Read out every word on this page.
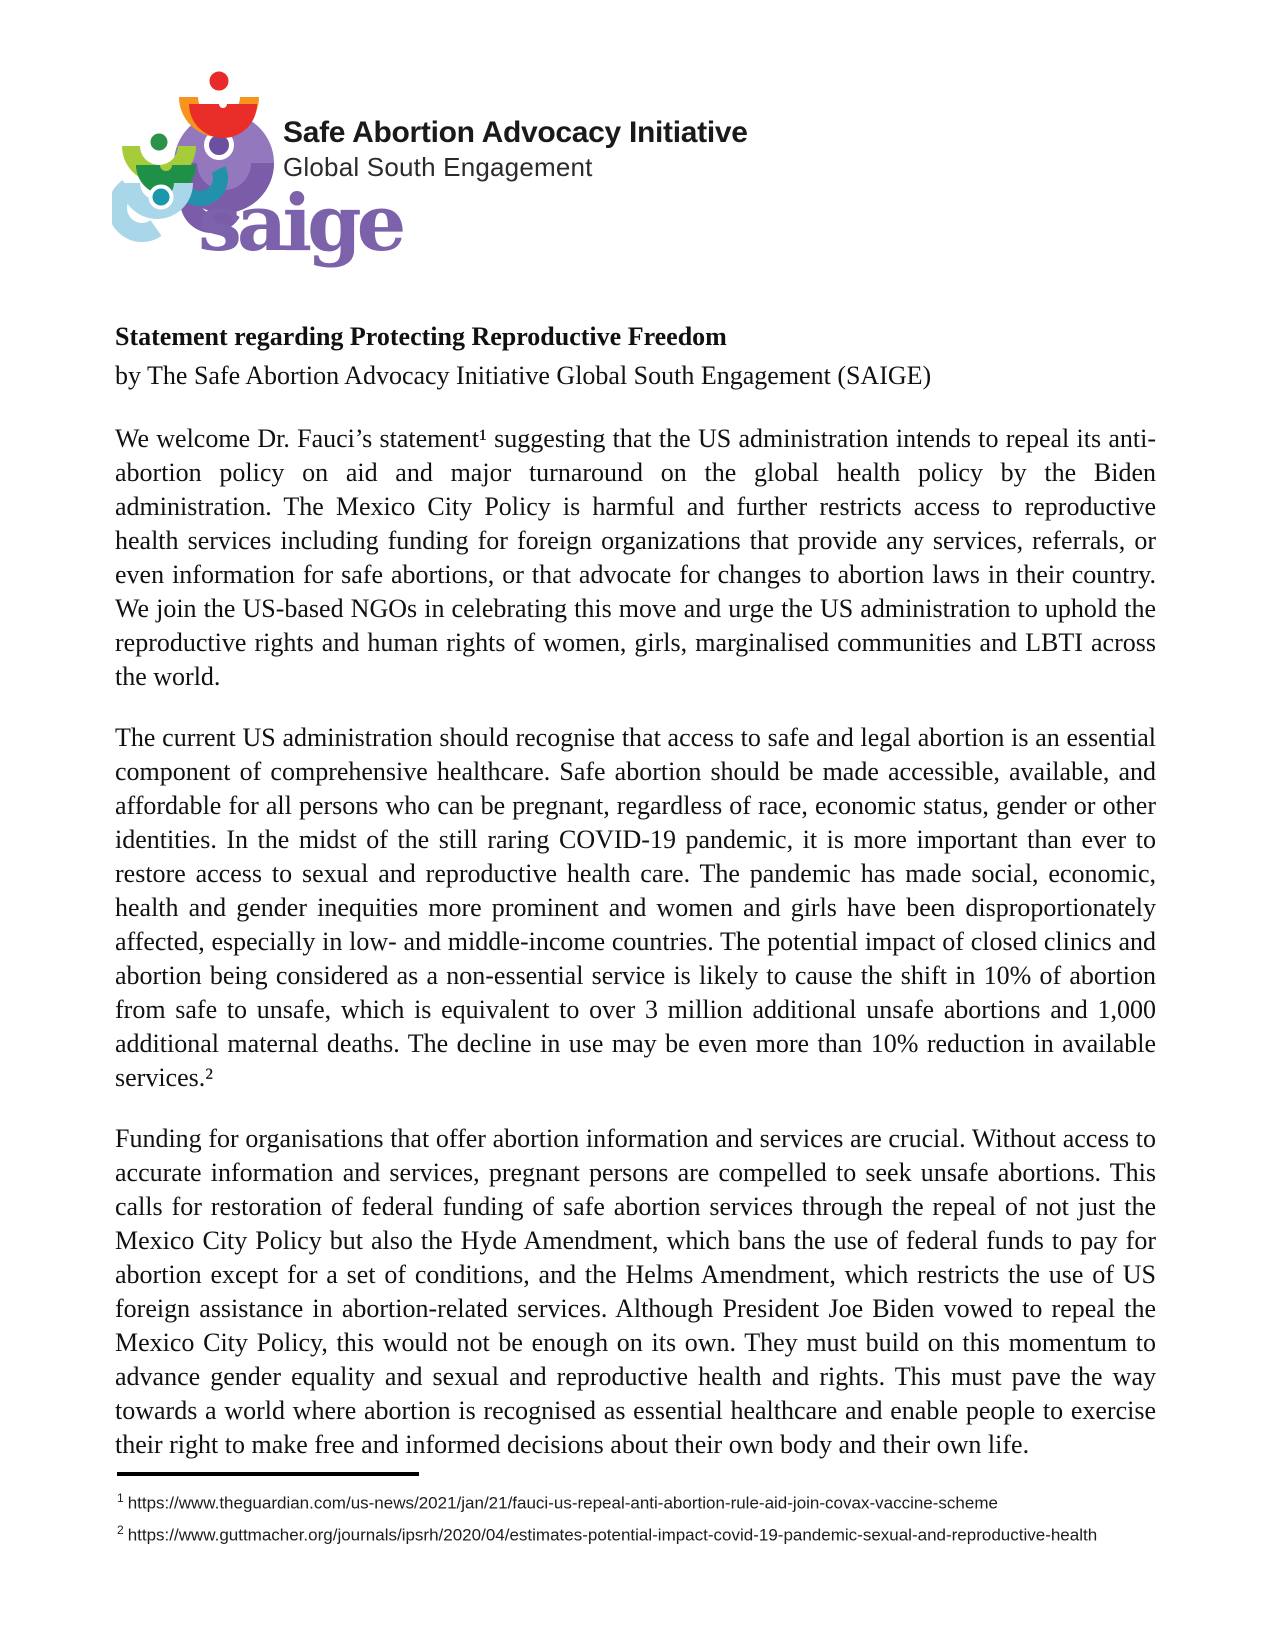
saige
Safe Abortion Advocacy Initiative
Global South Engagement
Statement regarding Protecting Reproductive Freedom
by The Safe Abortion Advocacy Initiative Global South Engagement (SAIGE)

We welcome Dr. Fauci’s statement¹ suggesting that the US administration intends to repeal its anti-abortion policy on aid and major turnaround on the global health policy by the Biden administration. The Mexico City Policy is harmful and further restricts access to reproductive health services including funding for foreign organizations that provide any services, referrals, or even information for safe abortions, or that advocate for changes to abortion laws in their country. We join the US-based NGOs in celebrating this move and urge the US administration to uphold the reproductive rights and human rights of women, girls, marginalised communities and LBTI across the world.

The current US administration should recognise that access to safe and legal abortion is an essential component of comprehensive healthcare. Safe abortion should be made accessible, available, and affordable for all persons who can be pregnant, regardless of race, economic status, gender or other identities. In the midst of the still raring COVID-19 pandemic, it is more important than ever to restore access to sexual and reproductive health care. The pandemic has made social, economic, health and gender inequities more prominent and women and girls have been disproportionately affected, especially in low- and middle-income countries. The potential impact of closed clinics and abortion being considered as a non-essential service is likely to cause the shift in 10% of abortion from safe to unsafe, which is equivalent to over 3 million additional unsafe abortions and 1,000 additional maternal deaths. The decline in use may be even more than 10% reduction in available services.²

Funding for organisations that offer abortion information and services are crucial. Without access to accurate information and services, pregnant persons are compelled to seek unsafe abortions. This calls for restoration of federal funding of safe abortion services through the repeal of not just the Mexico City Policy but also the Hyde Amendment, which bans the use of federal funds to pay for abortion except for a set of conditions, and the Helms Amendment, which restricts the use of US foreign assistance in abortion-related services. Although President Joe Biden vowed to repeal the Mexico City Policy, this would not be enough on its own. They must build on this momentum to advance gender equality and sexual and reproductive health and rights. This must pave the way towards a world where abortion is recognised as essential healthcare and enable people to exercise their right to make free and informed decisions about their own body and their own life.

$^1$ https://www.theguardian.com/us-news/2021/jan/21/fauci-us-repeal-anti-abortion-rule-aid-join-covax-vaccine-scheme
$^2$ https://www.guttmacher.org/journals/ipsrh/2020/04/estimates-potential-impact-covid-19-pandemic-sexual-and-reproductive-health
